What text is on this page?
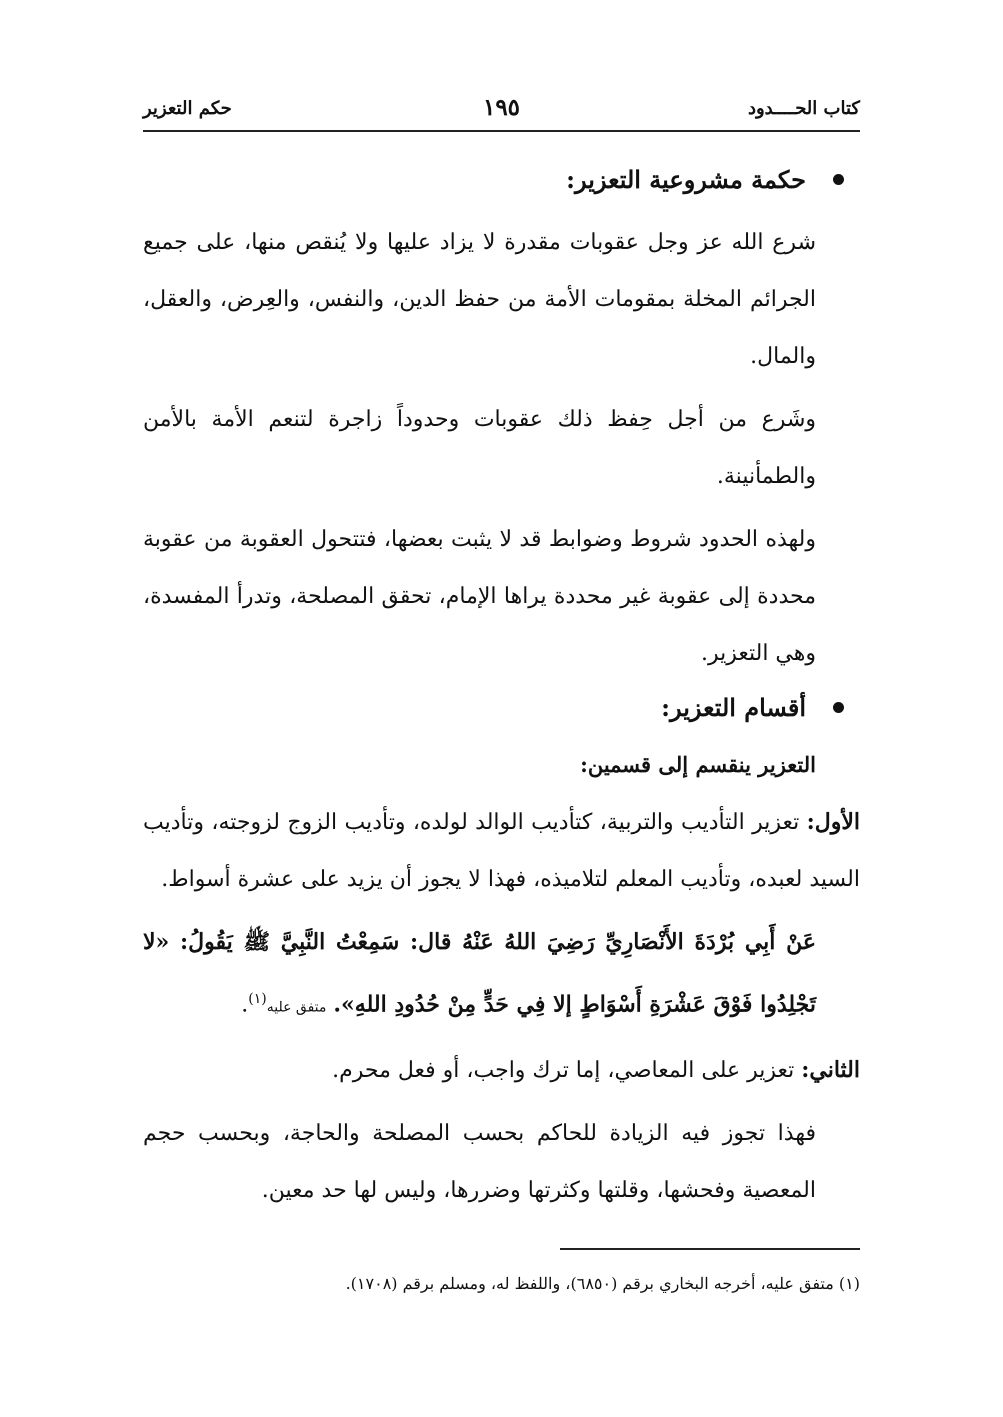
كتاب الحــــدود
١٩٥
حكم التعزير
حكمة مشروعية التعزير:

شرع الله عز وجل عقوبات مقدرة لا يزاد عليها ولا يُنقص منها، على جميع الجرائم المخلة بمقومات الأمة من حفظ الدين، والنفس، والعِرض، والعقل، والمال.

وشَرع من أجل حِفظ ذلك عقوبات وحدوداً زاجرة لتنعم الأمة بالأمن والطمأنينة.

ولهذه الحدود شروط وضوابط قد لا يثبت بعضها، فتتحول العقوبة من عقوبة محددة إلى عقوبة غير محددة يراها الإمام، تحقق المصلحة، وتدرأ المفسدة، وهي التعزير.

أقسام التعزير:
التعزير ينقسم إلى قسمين:

الأول: تعزير التأديب والتربية، كتأديب الوالد لولده، وتأديب الزوج لزوجته، وتأديب السيد لعبده، وتأديب المعلم لتلاميذه، فهذا لا يجوز أن يزيد على عشرة أسواط.

عَنْ أَبِي بُرْدَةَ الأَنْصَارِيِّ رَضِيَ اللهُ عَنْهُ قال: سَمِعْتُ النَّبِيَّ ﷺ يَقُولُ: «لا تَجْلِدُوا فَوْقَ عَشْرَةِ أَسْوَاطٍ إلا فِي حَدٍّ مِنْ حُدُودِ اللهِ». متفق عليه$^{(١)}$.

الثاني: تعزير على المعاصي، إما ترك واجب، أو فعل محرم.

فهذا تجوز فيه الزيادة للحاكم بحسب المصلحة والحاجة، وبحسب حجم المعصية وفحشها، وقلتها وكثرتها وضررها، وليس لها حد معين.

(١) متفق عليه، أخرجه البخاري برقم (٦٨٥٠)، واللفظ له، ومسلم برقم (١٧٠٨).
